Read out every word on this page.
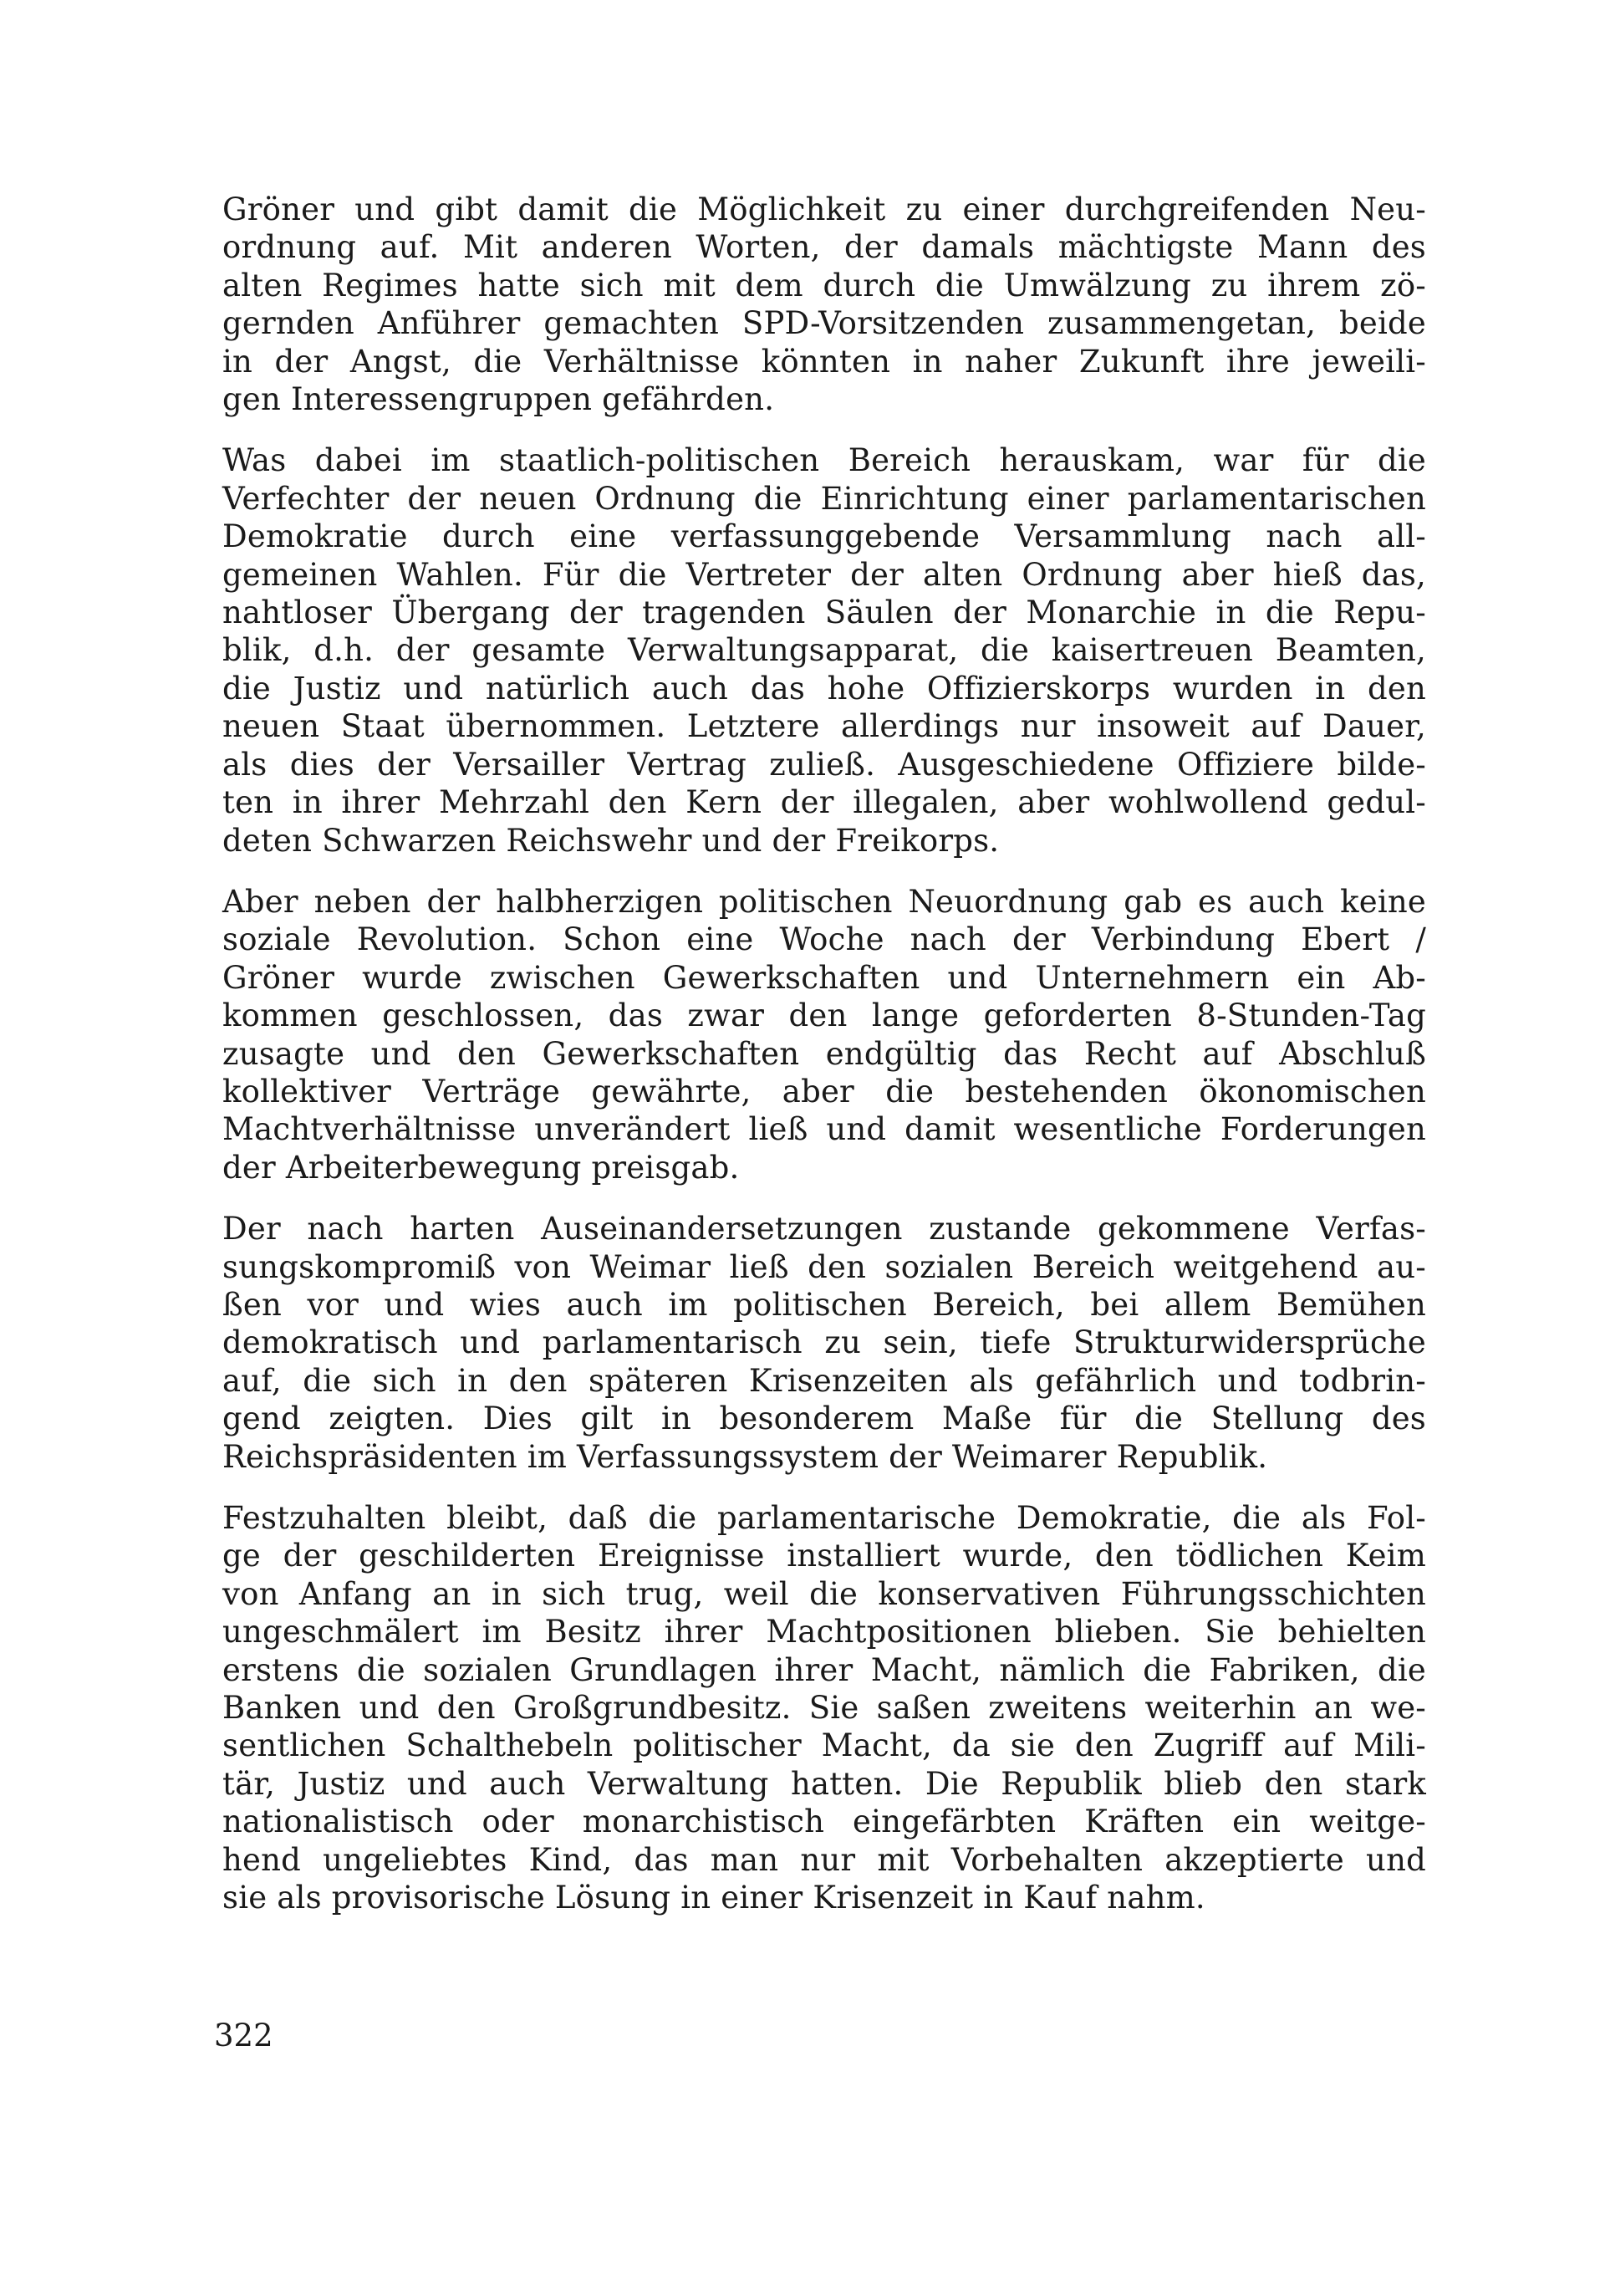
Gröner und gibt damit die Möglichkeit zu einer durchgreifenden Neu-
ordnung auf. Mit anderen Worten, der damals mächtigste Mann des
alten Regimes hatte sich mit dem durch die Umwälzung zu ihrem zö-
gernden Anführer gemachten SPD-Vorsitzenden zusammengetan, beide
in der Angst, die Verhältnisse könnten in naher Zukunft ihre jeweili-
gen Interessengruppen gefährden.

Was dabei im staatlich-politischen Bereich herauskam, war für die
Verfechter der neuen Ordnung die Einrichtung einer parlamentarischen
Demokratie durch eine verfassunggebende Versammlung nach all-
gemeinen Wahlen. Für die Vertreter der alten Ordnung aber hieß das,
nahtloser Übergang der tragenden Säulen der Monarchie in die Repu-
blik, d.h. der gesamte Verwaltungsapparat, die kaisertreuen Beamten,
die Justiz und natürlich auch das hohe Offizierskorps wurden in den
neuen Staat übernommen. Letztere allerdings nur insoweit auf Dauer,
als dies der Versailler Vertrag zuließ. Ausgeschiedene Offiziere bilde-
ten in ihrer Mehrzahl den Kern der illegalen, aber wohlwollend gedul-
deten Schwarzen Reichswehr und der Freikorps.

Aber neben der halbherzigen politischen Neuordnung gab es auch keine
soziale Revolution. Schon eine Woche nach der Verbindung Ebert /
Gröner wurde zwischen Gewerkschaften und Unternehmern ein Ab-
kommen geschlossen, das zwar den lange geforderten 8-Stunden-Tag
zusagte und den Gewerkschaften endgültig das Recht auf Abschluß
kollektiver Verträge gewährte, aber die bestehenden ökonomischen
Machtverhältnisse unverändert ließ und damit wesentliche Forderungen
der Arbeiterbewegung preisgab.

Der nach harten Auseinandersetzungen zustande gekommene Verfas-
sungskompromiß von Weimar ließ den sozialen Bereich weitgehend au-
ßen vor und wies auch im politischen Bereich, bei allem Bemühen
demokratisch und parlamentarisch zu sein, tiefe Strukturwidersprüche
auf, die sich in den späteren Krisenzeiten als gefährlich und todbrin-
gend zeigten. Dies gilt in besonderem Maße für die Stellung des
Reichspräsidenten im Verfassungssystem der Weimarer Republik.

Festzuhalten bleibt, daß die parlamentarische Demokratie, die als Fol-
ge der geschilderten Ereignisse installiert wurde, den tödlichen Keim
von Anfang an in sich trug, weil die konservativen Führungsschichten
ungeschmälert im Besitz ihrer Machtpositionen blieben. Sie behielten
erstens die sozialen Grundlagen ihrer Macht, nämlich die Fabriken, die
Banken und den Großgrundbesitz. Sie saßen zweitens weiterhin an we-
sentlichen Schalthebeln politischer Macht, da sie den Zugriff auf Mili-
tär, Justiz und auch Verwaltung hatten. Die Republik blieb den stark
nationalistisch oder monarchistisch eingefärbten Kräften ein weitge-
hend ungeliebtes Kind, das man nur mit Vorbehalten akzeptierte und
sie als provisorische Lösung in einer Krisenzeit in Kauf nahm.

322
